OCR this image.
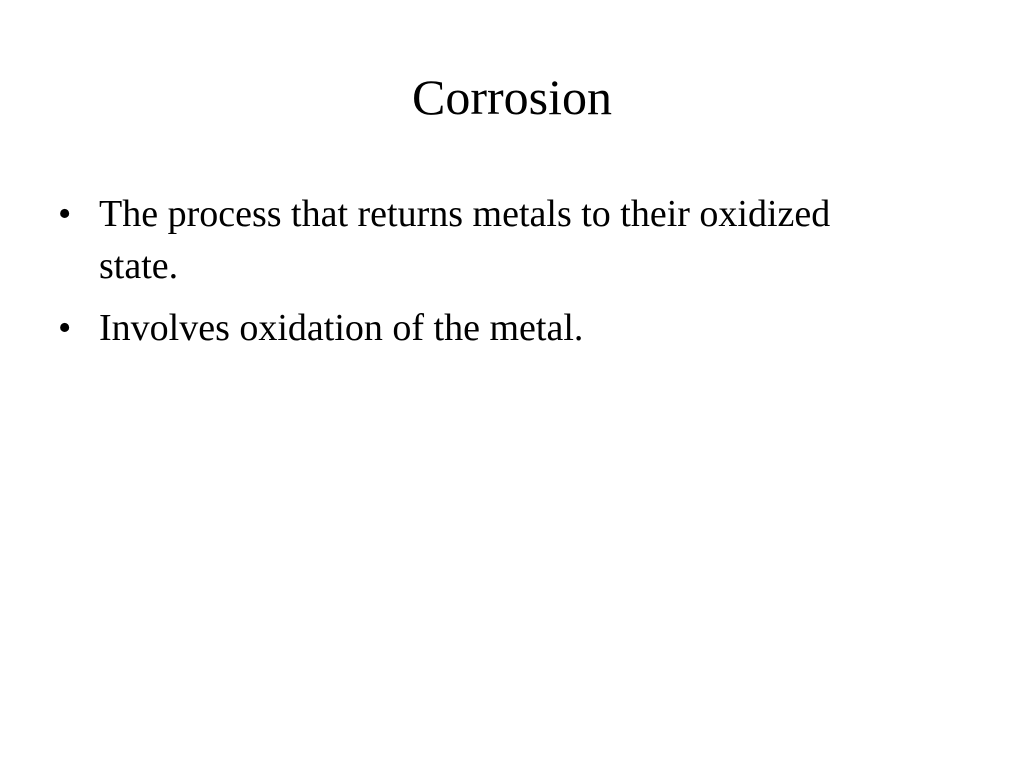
Corrosion
• The process that returns metals to their oxidized state.
• Involves oxidation of the metal.
